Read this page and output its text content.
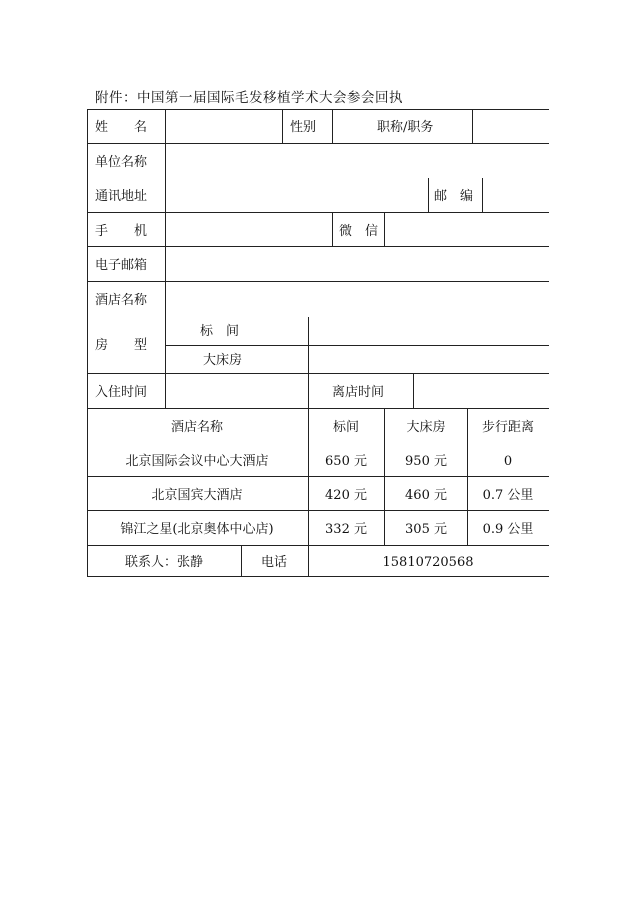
附件：中国第一届国际毛发移植学术大会参会回执
姓　　名	性别	职称/职务
单位名称
通讯地址	邮　编
手　　机	微　信
电子邮箱
酒店名称
房　　型
标　间
大床房
入住时间	离店时间
酒店名称	标间	大床房	步行距离
北京国际会议中心大酒店	650 元	950 元	0
北京国宾大酒店	420 元	460 元	0.7 公里
锦江之星(北京奥体中心店)	332 元	305 元	0.9 公里
联系人：张静	电话	15810720568
